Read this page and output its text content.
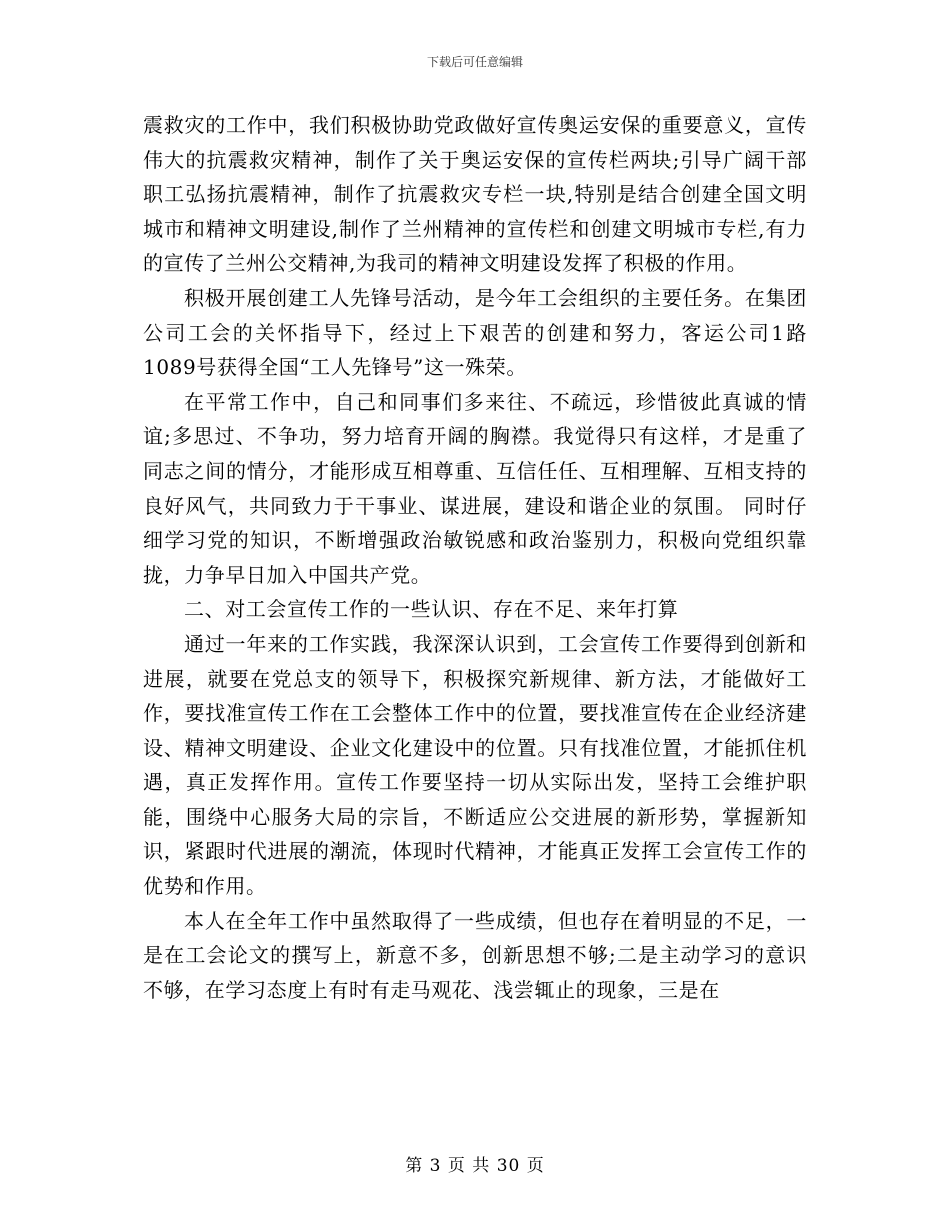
下载后可任意编辑

震救灾的工作中，我们积极协助党政做好宣传奥运安保的重要意义，宣传伟大的抗震救灾精神，制作了关于奥运安保的宣传栏两块;引导广阔干部职工弘扬抗震精神，制作了抗震救灾专栏一块,特别是结合创建全国文明城市和精神文明建设,制作了兰州精神的宣传栏和创建文明城市专栏,有力的宣传了兰州公交精神,为我司的精神文明建设发挥了积极的作用。

积极开展创建工人先锋号活动，是今年工会组织的主要任务。在集团公司工会的关怀指导下，经过上下艰苦的创建和努力，客运公司1路1089号获得全国“工人先锋号”这一殊荣。

在平常工作中，自己和同事们多来往、不疏远，珍惜彼此真诚的情谊;多思过、不争功，努力培育开阔的胸襟。我觉得只有这样，才是重了同志之间的情分，才能形成互相尊重、互信任任、互相理解、互相支持的良好风气，共同致力于干事业、谋进展，建设和谐企业的氛围。 同时仔细学习党的知识，不断增强政治敏锐感和政治鉴别力，积极向党组织靠拢，力争早日加入中国共产党。

二、对工会宣传工作的一些认识、存在不足、来年打算

通过一年来的工作实践，我深深认识到，工会宣传工作要得到创新和进展，就要在党总支的领导下，积极探究新规律、新方法，才能做好工作，要找准宣传工作在工会整体工作中的位置，要找准宣传在企业经济建设、精神文明建设、企业文化建设中的位置。只有找准位置，才能抓住机遇，真正发挥作用。宣传工作要坚持一切从实际出发，坚持工会维护职能，围绕中心服务大局的宗旨，不断适应公交进展的新形势，掌握新知识，紧跟时代进展的潮流，体现时代精神，才能真正发挥工会宣传工作的优势和作用。

本人在全年工作中虽然取得了一些成绩，但也存在着明显的不足，一是在工会论文的撰写上，新意不多，创新思想不够;二是主动学习的意识不够，在学习态度上有时有走马观花、浅尝辄止的现象，三是在

第 3 页 共 30 页
